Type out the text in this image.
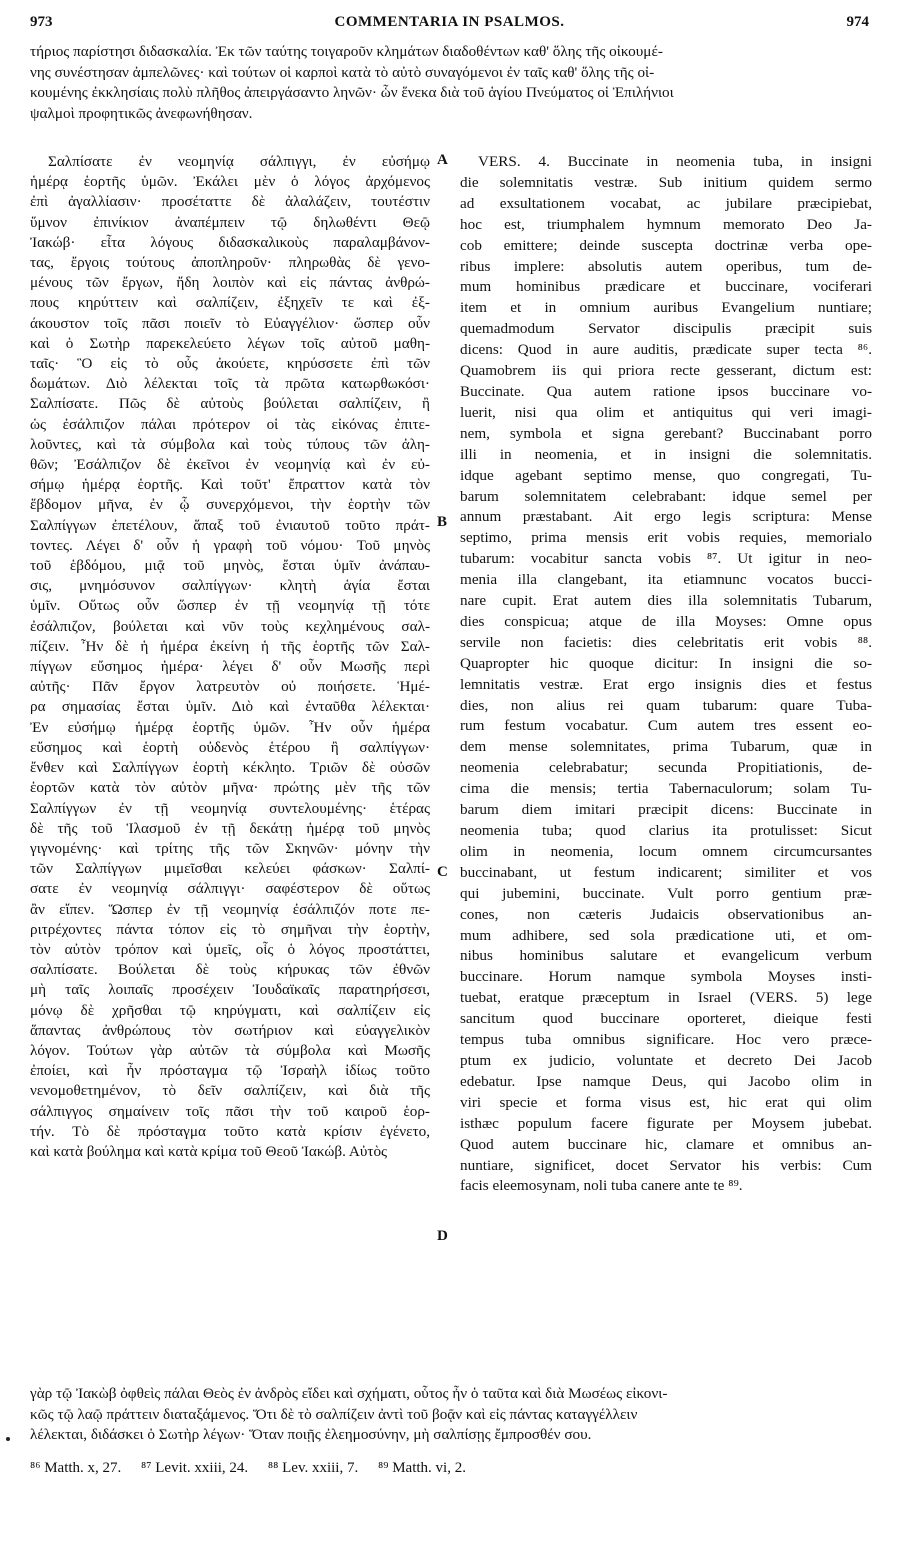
973	COMMENTARIA IN PSALMOS.	974
τήριος παρίστησι διδασκαλία. Ἐκ τῶν ταύτης τοιγαροῦν κλημάτων διαδοθέντων καθ' ὅλης τῆς οἰκουμέ-
νης συνέστησαν ἀμπελῶνες· καὶ τούτων οἱ καρποὶ κατὰ τὸ αὐτὸ συναγόμενοι ἐν ταῖς καθ' ὅλης τῆς οἰ-
κουμένης ἐκκλησίαις πολὺ πλῆθος ἀπειργάσαντο ληνῶν· ὧν ἕνεκα διὰ τοῦ ἁγίου Πνεύματος οἱ Ἐπιλήνιοι
ψαλμοὶ προφητικῶς ἀνεφωνήθησαν.
Σαλπίσατε ἐν νεομηνίᾳ σάλπιγγι, ἐν εὐσήμῳ
ἡμέρᾳ ἑορτῆς ὑμῶν. Ἐκάλει μὲν ὁ λόγος ἀρχόμενος
ἐπὶ ἀγαλλίασιν· προσέταττε δὲ ἀλαλάζειν, τουτέστιν
ὕμνον ἐπινίκιον ἀναπέμπειν τῷ δηλωθέντι Θεῷ
Ἰακώβ· εἶτα λόγους διδασκαλικοὺς παραλαμβάνον-
τας, ἔργοις τούτους ἀποπληροῦν· πληρωθὰς δὲ γενο-
μένους τῶν ἔργων, ἤδη λοιπὸν καὶ εἰς πάντας ἀνθρώ-
πους κηρύττειν καὶ σαλπίζειν, ἐξηχεῖν τε καὶ ἐξ-
άκουστον τοῖς πᾶσι ποιεῖν τὸ Εὐαγγέλιον· ὥσπερ οὖν
καὶ ὁ Σωτὴρ παρεκελεύετο λέγων τοῖς αὐτοῦ μαθη-
ταῖς· Ὃ εἰς τὸ οὖς ἀκούετε, κηρύσσετε ἐπὶ τῶν
δωμάτων. Διὸ λέλεκται τοῖς τὰ πρῶτα κατωρθωκόσι·
Σαλπίσατε. Πῶς δὲ αὐτοὺς βούλεται σαλπίζειν, ἢ
ὡς ἐσάλπιζον πάλαι πρότερον οἱ τὰς εἰκόνας ἐπιτε-
λοῦντες, καὶ τὰ σύμβολα καὶ τοὺς τύπους τῶν ἀλη-
θῶν; Ἐσάλπιζον δὲ ἐκεῖνοι ἐν νεομηνίᾳ καὶ ἐν εὐ-
σήμῳ ἡμέρᾳ ἑορτῆς. Καὶ τοῦτ' ἔπραττον κατὰ τὸν
ἕβδομον μῆνα, ἐν ᾧ συνερχόμενοι, τὴν ἑορτὴν τῶν
Σαλπίγγων ἐπετέλουν, ἅπαξ τοῦ ἐνιαυτοῦ τοῦτο πράτ-
τοντες. Λέγει δ' οὖν ἡ γραφὴ τοῦ νόμου· Τοῦ μηνὸς
τοῦ ἑβδόμου, μιᾷ τοῦ μηνὸς, ἔσται ὑμῖν ἀνάπαυ-
σις, μνημόσυνον σαλπίγγων· κλητὴ ἁγία ἔσται
ὑμῖν. Οὕτως οὖν ὥσπερ ἐν τῇ νεομηνίᾳ τῇ τότε
ἐσάλπιζον, βούλεται καὶ νῦν τοὺς κεχλημένους σαλ-
πίζειν. Ἦν δὲ ἡ ἡμέρα ἐκείνη ἡ τῆς ἑορτῆς τῶν Σαλ-
πίγγων εὔσημος ἡμέρα· λέγει δ' οὖν Μωσῆς περὶ
αὐτῆς· Πᾶν ἔργον λατρευτὸν οὐ ποιήσετε. Ἡμέ-
ρα σημασίας ἔσται ὑμῖν. Διὸ καὶ ἐνταῦθα λέλεκται·
Ἐν εὐσήμῳ ἡμέρᾳ ἑορτῆς ὑμῶν. Ἦν οὖν ἡμέρα
εὔσημος καὶ ἑορτὴ οὐδενὸς ἑτέρου ἢ σαλπίγγων·
ἔνθεν καὶ Σαλπίγγων ἑορτὴ κέκληto. Τριῶν δὲ οὐσῶν
ἑορτῶν κατὰ τὸν αὐτὸν μῆνα· πρώτης μὲν τῆς τῶν
Σαλπίγγων ἐν τῇ νεομηνίᾳ συντελουμένης· ἑτέρας
δὲ τῆς τοῦ Ἱλασμοῦ ἐν τῇ δεκάτῃ ἡμέρᾳ τοῦ μηνὸς
γιγνομένης· καὶ τρίτης τῆς τῶν Σκηνῶν· μόνην τὴν
τῶν Σαλπίγγων μιμεῖσθαι κελεύει φάσκων· Σαλπί-
σατε ἐν νεομηνίᾳ σάλπιγγι· σαφέστερον δὲ οὕτως
ἂν εἴπεν. Ὥσπερ ἐν τῇ νεομηνίᾳ ἐσάλπιζόν ποτε πε-
ριτρέχοντες πάντα τόπον εἰς τὸ σημῆναι τὴν ἑορτὴν,
τὸν αὐτὸν τρόπον καὶ ὑμεῖς, οἷς ὁ λόγος προστάττει,
σαλπίσατε. Βούλεται δὲ τοὺς κήρυκας τῶν ἐθνῶν
μὴ ταῖς λοιπαῖς προσέχειν Ἰουδαϊκαῖς παρατηρήσεσι,
μόνῳ δὲ χρῆσθαι τῷ κηρύγματι, καὶ σαλπίζειν εἰς
ἅπαντας ἀνθρώπους τὸν σωτήριον καὶ εὐαγγελικὸν
λόγον. Τούτων γὰρ αὐτῶν τὰ σύμβολα καὶ Μωσῆς
ἐποίει, καὶ ἦν πρόσταγμα τῷ Ἰσραὴλ ἰδίως τοῦτο
νενομοθετημένον, τὸ δεῖν σαλπίζειν, καὶ διὰ τῆς
σάλπιγγος σημαίνειν τοῖς πᾶσι τὴν τοῦ καιροῦ ἑορ-
τήν. Τὸ δὲ πρόσταγμα τοῦτο κατὰ κρίσιν ἐγένετο,
καὶ κατὰ βούλημα καὶ κατὰ κρίμα τοῦ Θεοῦ Ἰακώβ. Αὐτὸς
VERS. 4. Buccinate in neomenia tuba, in insigni
die solemnitatis vestræ. Sub initium quidem sermo
ad exsultationem vocabat, ac jubilare præcipiebat,
hoc est, triumphalem hymnum memorato Deo Ja-
cob emittere; deinde suscepta doctrinæ verba ope-
ribus implere: absolutis autem operibus, tum de-
mum hominibus prædicare et buccinare, vociferari
item et in omnium auribus Evangelium nuntiare;
quemadmodum Servator discipulis præcipit suis
dicens: Quod in aure auditis, prædicate super tecta ⁸⁶.
Quamobrem iis qui priora recte gesserant, dictum est:
Buccinate. Qua autem ratione ipsos buccinare vo-
luerit, nisi qua olim et antiquitus qui veri imagi-
nem, symbola et signa gerebant? Buccinabant porro
illi in neomenia, et in insigni die solemnitatis.
idque agebant septimo mense, quo congregati, Tu-
barum solemnitatem celebrabant: idque semel per
annum præstabant. Ait ergo legis scriptura: Mense
septimo, prima mensis erit vobis requies, memorialo
tubarum: vocabitur sancta vobis ⁸⁷. Ut igitur in neo-
menia illa clangebant, ita etiamnunc vocatos bucci-
nare cupit. Erat autem dies illa solemnitatis Tubarum,
dies conspicua; atque de illa Moyses: Omne opus
servile non facietis: dies celebritatis erit vobis ⁸⁸.
Quapropter hic quoque dicitur: In insigni die so-
lemnitatis vestræ. Erat ergo insignis dies et festus
dies, non alius rei quam tubarum: quare Tuba-
rum festum vocabatur. Cum autem tres essent eo-
dem mense solemnitates, prima Tubarum, quæ in
neomenia celebrabatur; secunda Propitiationis, de-
cima die mensis; tertia Tabernaculorum; solam Tu-
barum diem imitari præcipit dicens: Buccinate in
neomenia tuba; quod clarius ita protulisset: Sicut
olim in neomenia, locum omnem circumcursantes
buccinabant, ut festum indicarent; similiter et vos
qui jubemini, buccinate. Vult porro gentium præ-
cones, non cæteris Judaicis observationibus an-
mum adhibere, sed sola prædicatione uti, et om-
nibus hominibus salutare et evangelicum verbum
buccinare. Horum namque symbola Moyses insti-
tuebat, eratque præceptum in Israel (VERS. 5) lege
sancitum quod buccinare oporteret, dieique festi
tempus tuba omnibus significare. Hoc vero præce-
ptum ex judicio, voluntate et decreto Dei Jacob
edebatur. Ipse namque Deus, qui Jacobo olim in
viri specie et forma visus est, hic erat qui olim
isthæc populum facere figurate per Moysem jubebat.
Quod autem buccinare hic, clamare et omnibus an-
nuntiare, significet, docet Servator his verbis: Cum
facis eleemosynam, noli tuba canere ante te ⁸⁹.
A
B
C
D
γὰρ τῷ Ἰακὼβ ὀφθεὶς πάλαι Θεὸς ἐν ἀνδρὸς εἴδει καὶ σχήματι, οὗτος ἦν ὁ ταῦτα καὶ διὰ Μωσέως εἰκονι-
κῶς τῷ λαῷ πράττειν διαταξάμενος. Ὅτι δὲ τὸ σαλπίζειν ἀντὶ τοῦ βοᾷν καὶ εἰς πάντας καταγγέλλειν
λέλεκται, διδάσκει ὁ Σωτὴρ λέγων· Ὅταν ποιῇς ἐλεημοσύνην, μὴ σαλπίσῃς ἔμπροσθέν σου.
⁸⁶ Matth. x, 27. ⁸⁷ Levit. xxiii, 24. ⁸⁸ Lev. xxiii, 7. ⁸⁹ Matth. vi, 2.
